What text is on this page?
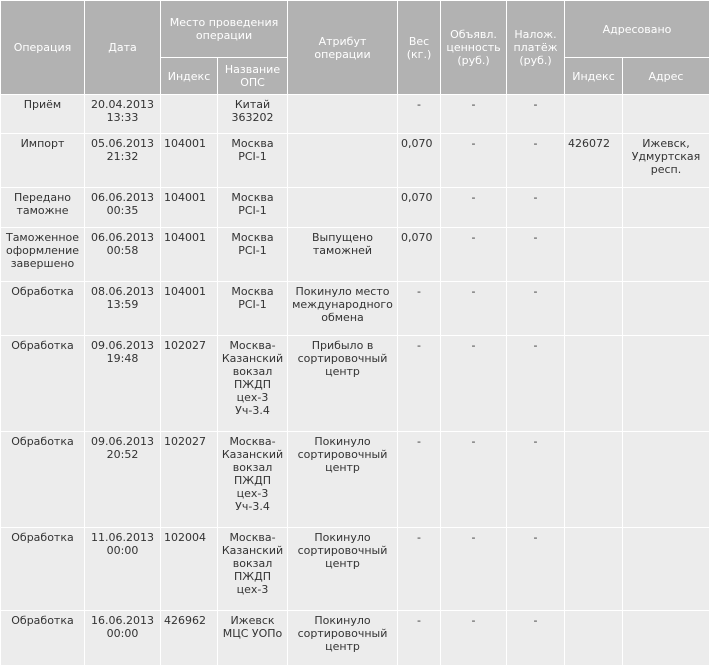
Операция	Дата	Место проведения операции		Атрибут операции	Вес (кг.)	Объявл. ценность (руб.)	Налож. платёж (руб.)	Адресовано	
		Индекс	Название ОПС					Индекс	Адрес
Приём	20.04.2013 13:33		Китай 363202		-	-	-		
Импорт	05.06.2013 21:32	104001	Москва PCI-1		0,070	-	-	426072	Ижевск, Удмуртская респ.
Передано таможне	06.06.2013 00:35	104001	Москва PCI-1		0,070	-	-		
Таможенное оформление завершено	06.06.2013 00:58	104001	Москва PCI-1	Выпущено таможней	0,070	-	-		
Обработка	08.06.2013 13:59	104001	Москва PCI-1	Покинуло место международного обмена	-	-	-		
Обработка	09.06.2013 19:48	102027	Москва-Казанский вокзал ПЖДП цех-3 Уч-3.4	Прибыло в сортировочный центр	-	-	-		
Обработка	09.06.2013 20:52	102027	Москва-Казанский вокзал ПЖДП цех-3 Уч-3.4	Покинуло сортировочный центр	-	-	-		
Обработка	11.06.2013 00:00	102004	Москва-Казанский вокзал ПЖДП цех-3	Покинуло сортировочный центр	-	-	-		
Обработка	16.06.2013 00:00	426962	Ижевск МЦС УОПо	Покинуло сортировочный центр	-	-	-		
